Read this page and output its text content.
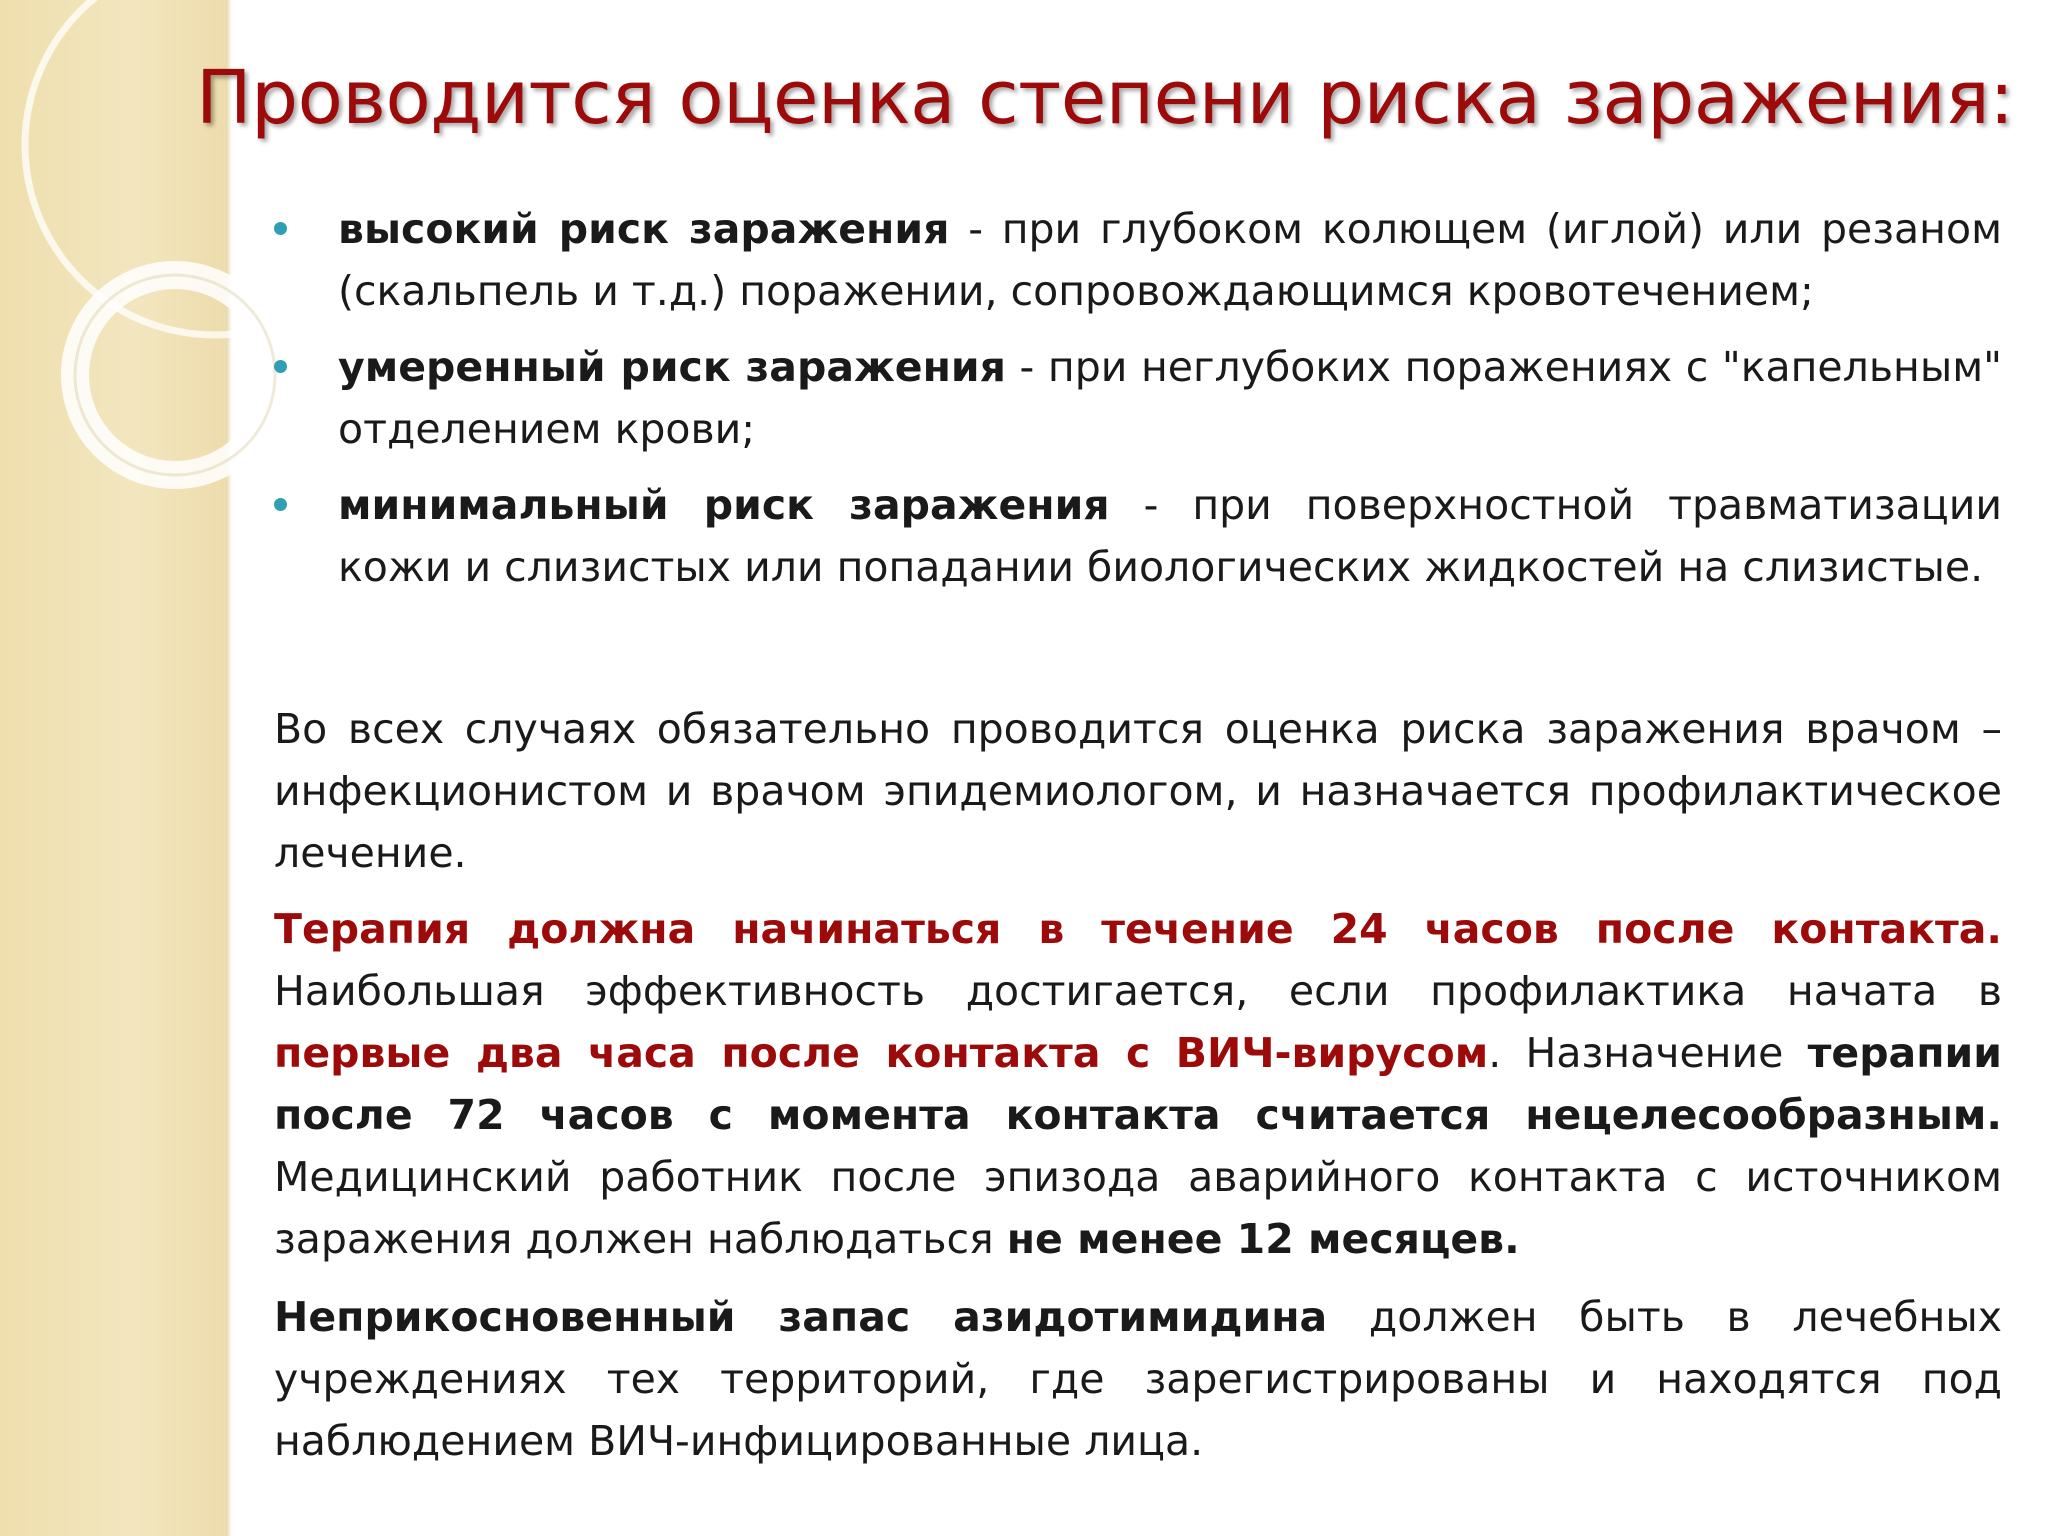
Проводится оценка степени риска заражения:
высокий риск заражения - при глубоком колющем (иглой) или резаном (скальпель и т.д.) поражении, сопровождающимся кровотечением;
умеренный риск заражения - при неглубоких поражениях с "капельным" отделением крови;
минимальный риск заражения - при поверхностной травматизации кожи и слизистых или попадании биологических жидкостей на слизистые.

Во всех случаях обязательно проводится оценка риска заражения врачом – инфекционистом и врачом эпидемиологом, и назначается профилактическое лечение.

Терапия должна начинаться в течение 24 часов после контакта. Наибольшая эффективность достигается, если профилактика начата в первые два часа после контакта с ВИЧ-вирусом. Назначение терапии после 72 часов с момента контакта считается нецелесообразным. Медицинский работник после эпизода аварийного контакта с источником заражения должен наблюдаться не менее 12 месяцев.

Неприкосновенный запас азидотимидина должен быть в лечебных учреждениях тех территорий, где зарегистрированы и находятся под наблюдением ВИЧ-инфицированные лица.
